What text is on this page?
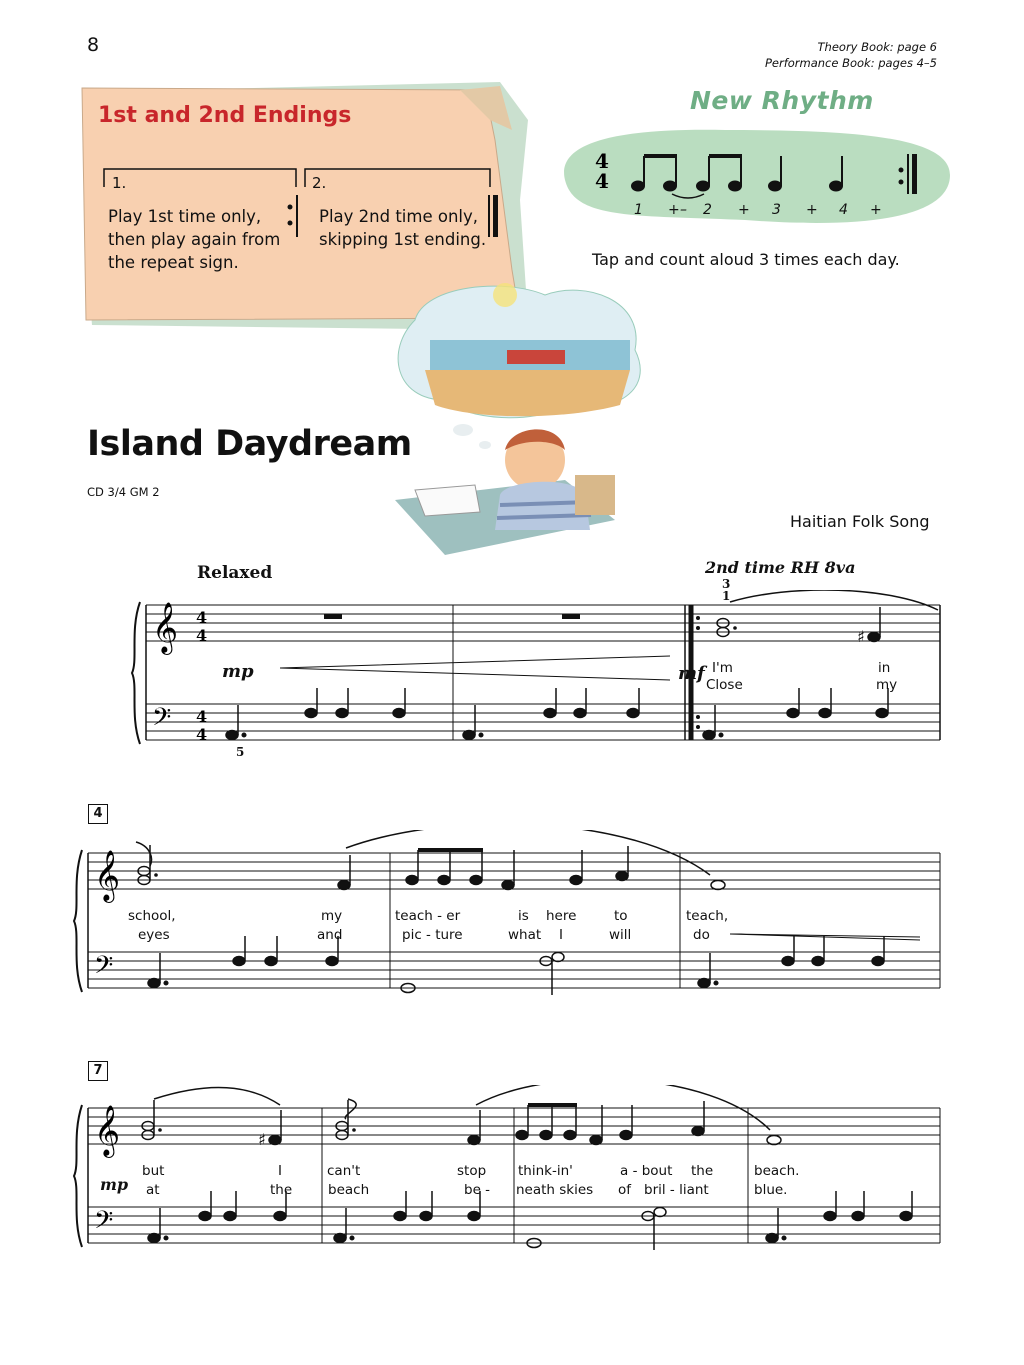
8	Theory Book: page 6
Performance Book: pages 4–5
1st and 2nd Endings
1.	2.
Play 1st time only,
then play again from
the repeat sign.
Play 2nd time only,
skipping 1st ending.
New Rhythm
4
4
1 + – 2 + 3 + 4 +
Tap and count aloud 3 times each day.
Island Daydream
CD 3/4 GM 2
Haitian Folk Song
Relaxed	2nd time RH 8va
3
1
𝄞
𝄢
4
4
4
4
♯
mp	mf
5
I'm	in
Close	my
4
𝄞
𝄢
school,	my	teach - er	is here	to	teach,
eyes	and	pic - ture	what I	will	do
7
𝄞
𝄢
♯
mp
but	I	can't	stop think-in'	a - bout the	beach.
at	the	beach	be - neath skies of bril - liant	blue.
